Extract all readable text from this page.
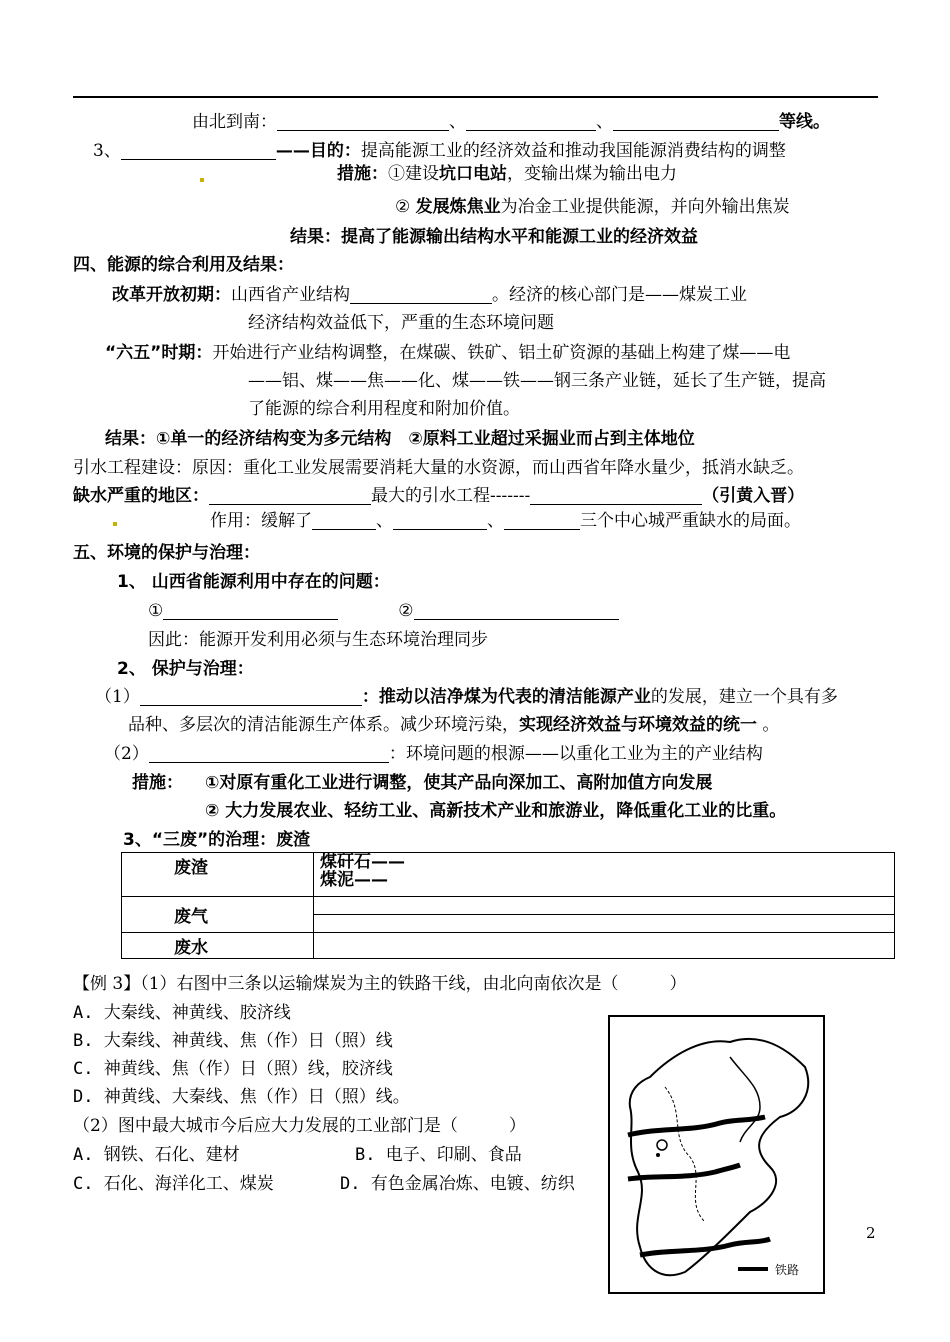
由北到南：	、	、	等线。
3、	——目的：提高能源工业的经济效益和推动我国能源消费结构的调整
措施：①建设坑口电站，变输出煤为输出电力
② 发展炼焦业为冶金工业提供能源，并向外输出焦炭
结果：提高了能源输出结构水平和能源工业的经济效益
四、能源的综合利用及结果：
改革开放初期：山西省产业结构	。经济的核心部门是——煤炭工业
经济结构效益低下，严重的生态环境问题
“六五”时期：开始进行产业结构调整，在煤碳、铁矿、铝土矿资源的基础上构建了煤——电
——铝、煤——焦——化、煤——铁——钢三条产业链，延长了生产链，提高
了能源的综合利用程度和附加价值。
结果：①单一的经济结构变为多元结构　②原料工业超过采掘业而占到主体地位
引水工程建设：原因：重化工业发展需要消耗大量的水资源，而山西省年降水量少，抵消水缺乏。
缺水严重的地区：	最大的引水工程-------	（引黄入晋）
作用：缓解了	、	、	三个中心城严重缺水的局面。
五、环境的保护与治理：
1、 山西省能源利用中存在的问题：
①	②
因此：能源开发利用必须与生态环境治理同步
2、 保护与治理：
（1）	：推动以洁净煤为代表的清洁能源产业的发展，建立一个具有多
品种、多层次的清洁能源生产体系。减少环境污染，实现经济效益与环境效益的统一 。
（2）	：环境问题的根源——以重化工业为主的产业结构
措施： ①对原有重化工业进行调整，使其产品向深加工、高附加值方向发展
② 大力发展农业、轻纺工业、高新技术产业和旅游业，降低重化工业的比重。
3、“三废”的治理：废渣
废渣	煤矸石——
煤泥——

废气	

废水	
【例 3】（1）右图中三条以运输煤炭为主的铁路干线，由北向南依次是（　　　）
A. 大秦线、神黄线、胶济线
B. 大秦线、神黄线、焦（作）日（照）线
C. 神黄线、焦（作）日（照）线，胶济线
D. 神黄线、大秦线、焦（作）日（照）线。
（2）图中最大城市今后应大力发展的工业部门是（　　　）
A. 钢铁、石化、建材	B. 电子、印刷、食品
C. 石化、海洋化工、煤炭	D. 有色金属冶炼、电镀、纺织
铁路
2
